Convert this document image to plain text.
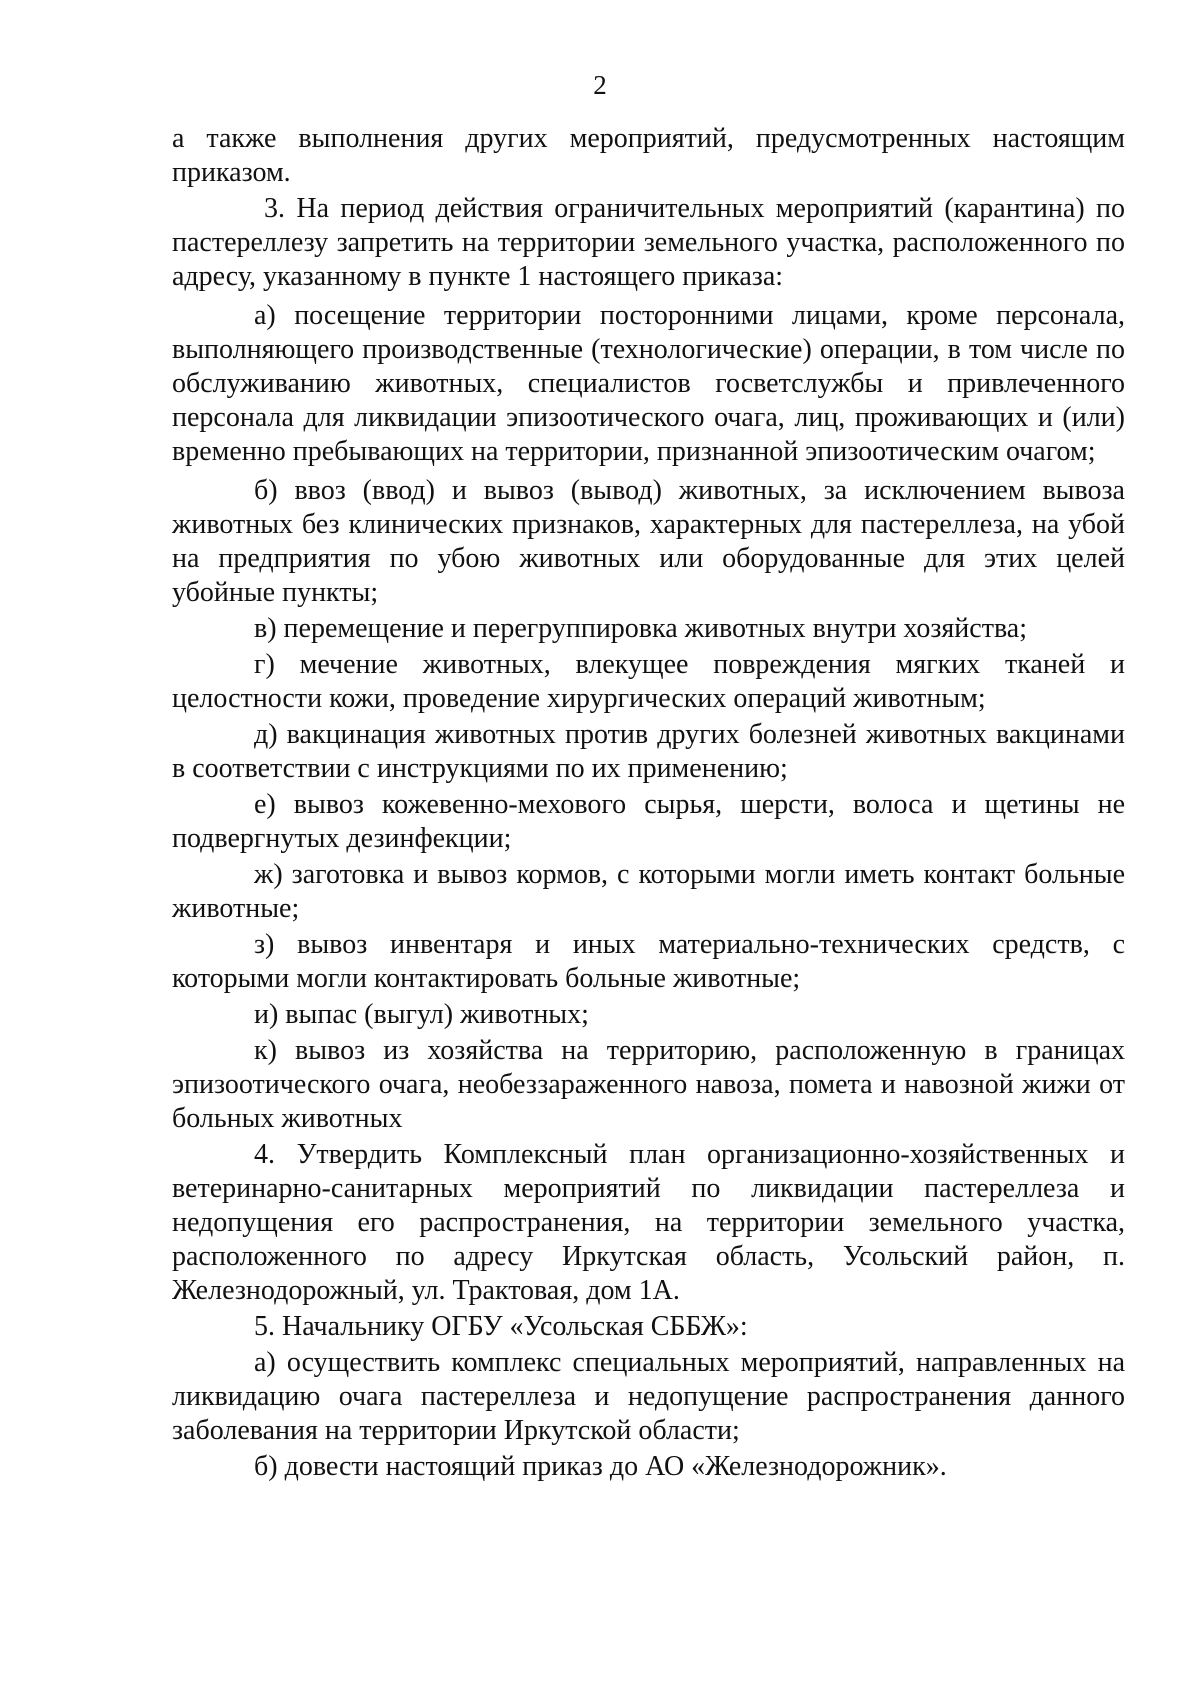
2

а также выполнения других мероприятий, предусмотренных настоящим приказом.

3. На период действия ограничительных мероприятий (карантина) по пастереллезу запретить на территории земельного участка, расположенного по адресу, указанному в пункте 1 настоящего приказа:

а) посещение территории посторонними лицами, кроме персонала, выполняющего производственные (технологические) операции, в том числе по обслуживанию животных, специалистов госветслужбы и привлеченного персонала для ликвидации эпизоотического очага, лиц, проживающих и (или) временно пребывающих на территории, признанной эпизоотическим очагом;

б) ввоз (ввод) и вывоз (вывод) животных, за исключением вывоза животных без клинических признаков, характерных для пастереллеза, на убой на предприятия по убою животных или оборудованные для этих целей убойные пункты;

в) перемещение и перегруппировка животных внутри хозяйства;

г) мечение животных, влекущее повреждения мягких тканей и целостности кожи, проведение хирургических операций животным;

д) вакцинация животных против других болезней животных вакцинами в соответствии с инструкциями по их применению;

е) вывоз кожевенно-мехового сырья, шерсти, волоса и щетины не подвергнутых дезинфекции;

ж) заготовка и вывоз кормов, с которыми могли иметь контакт больные животные;

з) вывоз инвентаря и иных материально-технических средств, с которыми могли контактировать больные животные;

и) выпас (выгул) животных;

к) вывоз из хозяйства на территорию, расположенную в границах эпизоотического очага, необеззараженного навоза, помета и навозной жижи от больных животных

4. Утвердить Комплексный план организационно-хозяйственных и ветеринарно-санитарных мероприятий по ликвидации пастереллеза и недопущения его распространения, на территории земельного участка, расположенного по адресу Иркутская область, Усольский район, п. Железнодорожный, ул. Трактовая, дом 1А.

5. Начальнику ОГБУ «Усольская СББЖ»:

а) осуществить комплекс специальных мероприятий, направленных на ликвидацию очага пастереллеза и недопущение распространения данного заболевания на территории Иркутской области;

б) довести настоящий приказ до АО «Железнодорожник».
